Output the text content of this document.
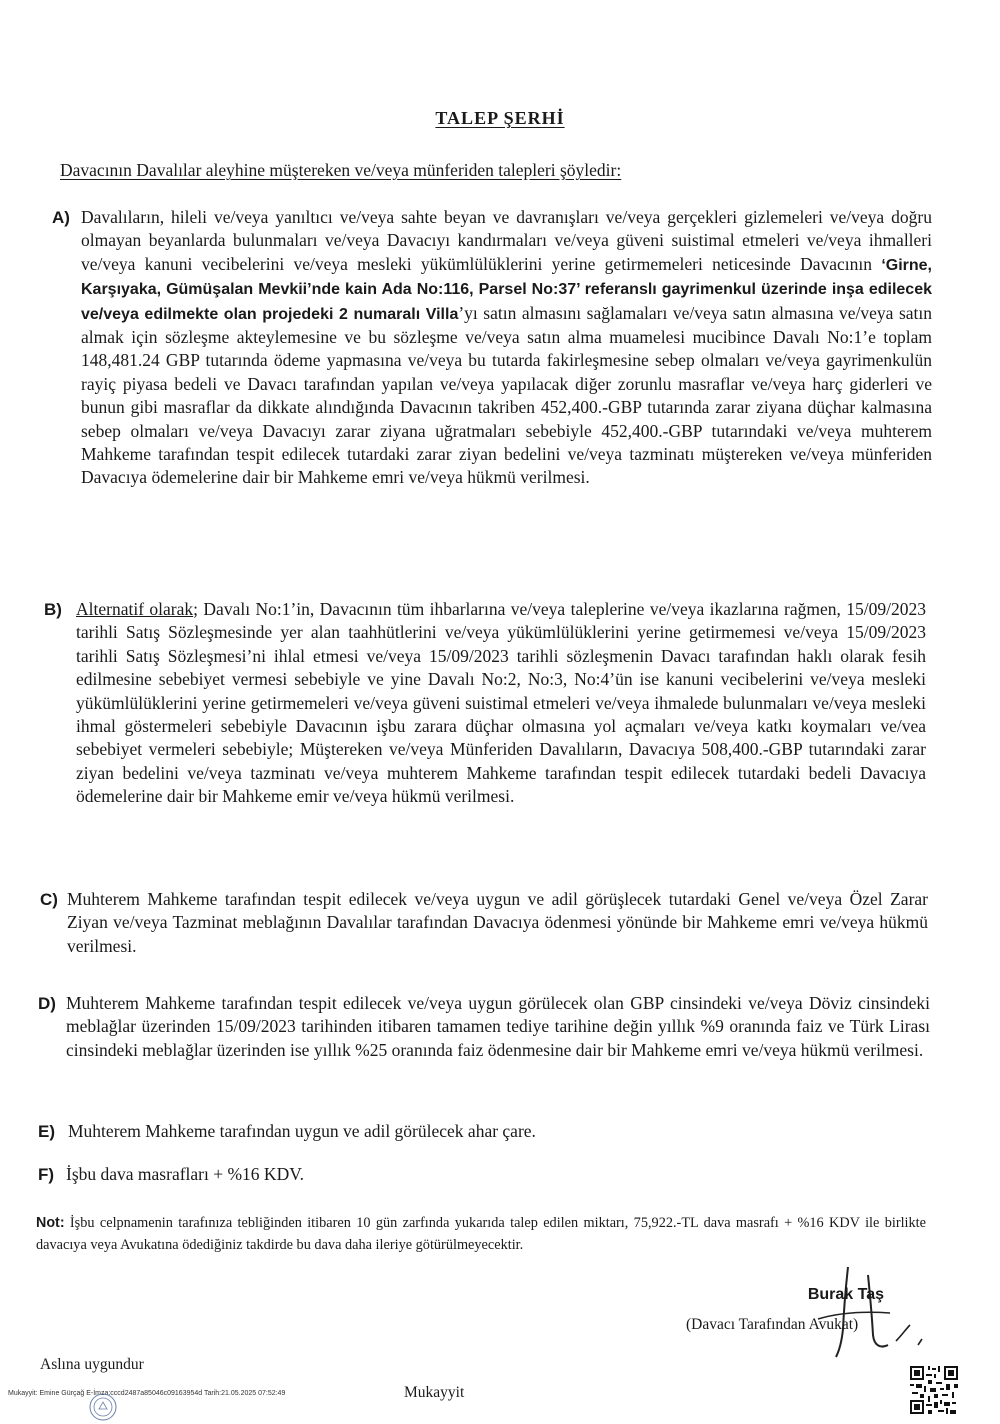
TALEP ŞERHİ
Davacının Davalılar aleyhine müştereken ve/veya münferiden talepleri şöyledir:
A) Davalıların, hileli ve/veya yanıltıcı ve/veya sahte beyan ve davranışları ve/veya gerçekleri gizlemeleri ve/veya doğru olmayan beyanlarda bulunmaları ve/veya Davacıyı kandırmaları ve/veya güveni suistimal etmeleri ve/veya ihmalleri ve/veya kanuni vecibelerini ve/veya mesleki yükümlülüklerini yerine getirmemeleri neticesinde Davacının ‘Girne, Karşıyaka, Gümüşalan Mevkii’nde kain Ada No:116, Parsel No:37’ referanslı gayrimenkul üzerinde inşa edilecek ve/veya edilmekte olan projedeki 2 numaralı Villa’yı satın almasını sağlamaları ve/veya satın almasına ve/veya satın almak için sözleşme akteylemesine ve bu sözleşme ve/veya satın alma muamelesi mucibince Davalı No:1’e toplam 148,481.24 GBP tutarında ödeme yapmasına ve/veya bu tutarda fakirleşmesine sebep olmaları ve/veya gayrimenkulün rayiç piyasa bedeli ve Davacı tarafından yapılan ve/veya yapılacak diğer zorunlu masraflar ve/veya harç giderleri ve bunun gibi masraflar da dikkate alındığında Davacının takriben 452,400.-GBP tutarında zarar ziyana düçhar kalmasına sebep olmaları ve/veya Davacıyı zarar ziyana uğratmaları sebebiyle 452,400.-GBP tutarındaki ve/veya muhterem Mahkeme tarafından tespit edilecek tutardaki zarar ziyan bedelini ve/veya tazminatı müştereken ve/veya münferiden Davacıya ödemelerine dair bir Mahkeme emri ve/veya hükmü verilmesi.
B) Alternatif olarak; Davalı No:1’in, Davacının tüm ihbarlarına ve/veya taleplerine ve/veya ikazlarına rağmen, 15/09/2023 tarihli Satış Sözleşmesinde yer alan taahhütlerini ve/veya yükümlülüklerini yerine getirmemesi ve/veya 15/09/2023 tarihli Satış Sözleşmesi’ni ihlal etmesi ve/veya 15/09/2023 tarihli sözleşmenin Davacı tarafından haklı olarak fesih edilmesine sebebiyet vermesi sebebiyle ve yine Davalı No:2, No:3, No:4’ün ise kanuni vecibelerini ve/veya mesleki yükümlülüklerini yerine getirmemeleri ve/veya güveni suistimal etmeleri ve/veya ihmalede bulunmaları ve/veya mesleki ihmal göstermeleri sebebiyle Davacının işbu zarara düçhar olmasına yol açmaları ve/veya katkı koymaları ve/vea sebebiyet vermeleri sebebiyle; Müştereken ve/veya Münferiden Davalıların, Davacıya 508,400.-GBP tutarındaki zarar ziyan bedelini ve/veya tazminatı ve/veya muhterem Mahkeme tarafından tespit edilecek tutardaki bedeli Davacıya ödemelerine dair bir Mahkeme emir ve/veya hükmü verilmesi.
C) Muhterem Mahkeme tarafından tespit edilecek ve/veya uygun ve adil görüşlecek tutardaki Genel ve/veya Özel Zarar Ziyan ve/veya Tazminat meblağının Davalılar tarafından Davacıya ödenmesi yönünde bir Mahkeme emri ve/veya hükmü verilmesi.
D) Muhterem Mahkeme tarafından tespit edilecek ve/veya uygun görülecek olan GBP cinsindeki ve/veya Döviz cinsindeki meblağlar üzerinden 15/09/2023 tarihinden itibaren tamamen tediye tarihine değin yıllık %9 oranında faiz ve Türk Lirası cinsindeki meblağlar üzerinden ise yıllık %25 oranında faiz ödenmesine dair bir Mahkeme emri ve/veya hükmü verilmesi.
E) Muhterem Mahkeme tarafından uygun ve adil görülecek ahar çare.
F) İşbu dava masrafları + %16 KDV.
Not: İşbu celpnamenin tarafınıza tebliğinden itibaren 10 gün zarfında yukarıda talep edilen miktarı, 75,922.-TL dava masrafı + %16 KDV ile birlikte davacıya veya Avukatına ödediğiniz takdirde bu dava daha ileriye götürülmeyecektir.
Burak Taş
(Davacı Tarafından Avukat)
Aslına uygundur
Mukayyit
Mukayyit: Emine Gürçağ E-İmza:cccd2487a85046c09163954d Tarih:21.05.2025 07:52:49
